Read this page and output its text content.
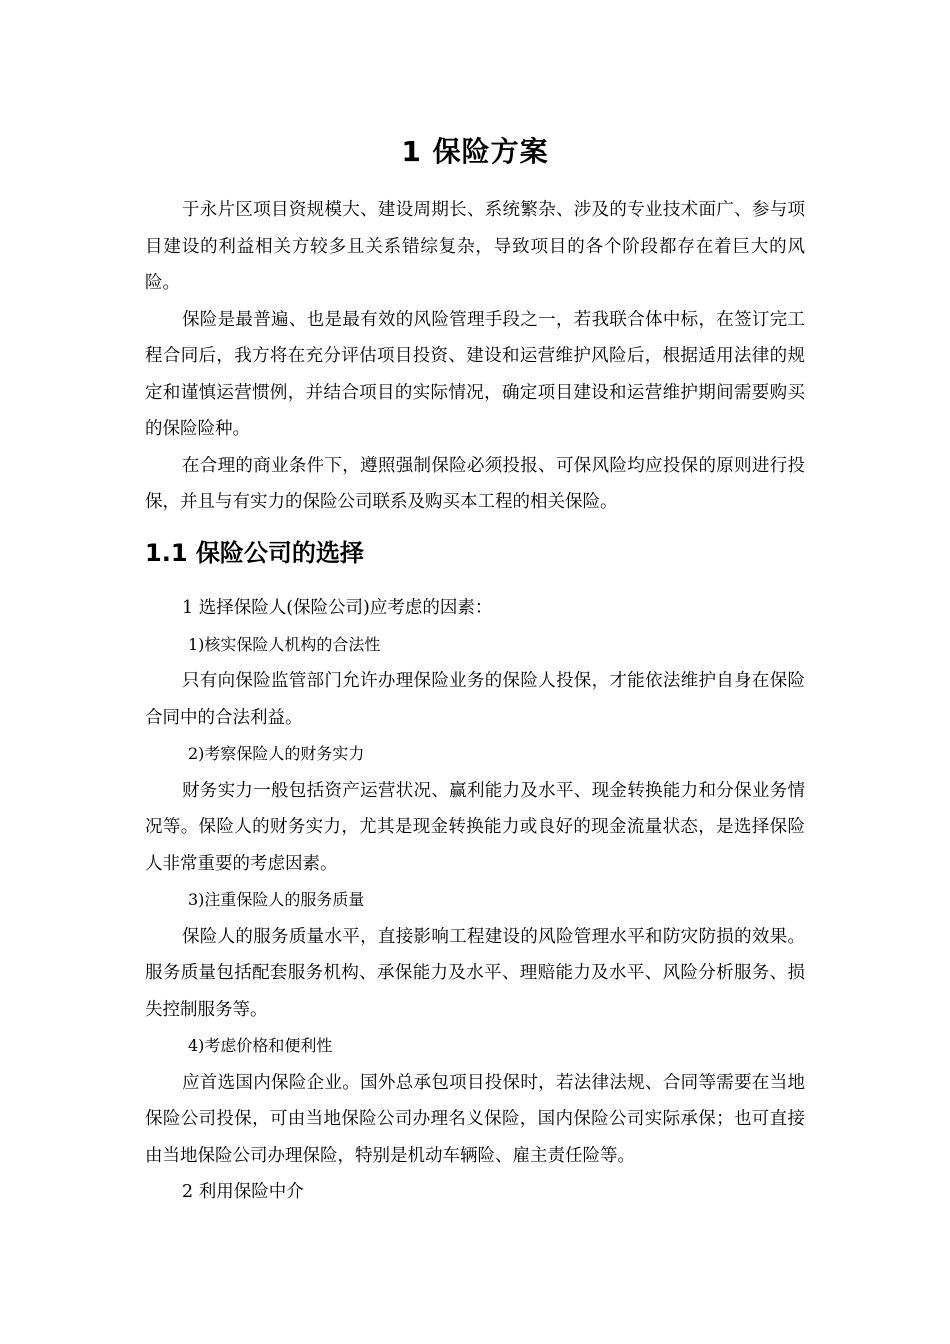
1 保险方案

于永片区项目资规模大、建设周期长、系统繁杂、涉及的专业技术面广、参与项目建设的利益相关方较多且关系错综复杂，导致项目的各个阶段都存在着巨大的风险。

保险是最普遍、也是最有效的风险管理手段之一，若我联合体中标，在签订完工程合同后，我方将在充分评估项目投资、建设和运营维护风险后，根据适用法律的规定和谨慎运营惯例，并结合项目的实际情况，确定项目建设和运营维护期间需要购买的保险险种。

在合理的商业条件下，遵照强制保险必须投报、可保风险均应投保的原则进行投保，并且与有实力的保险公司联系及购买本工程的相关保险。

1.1 保险公司的选择

1 选择保险人(保险公司)应考虑的因素：

1)核实保险人机构的合法性

只有向保险监管部门允许办理保险业务的保险人投保，才能依法维护自身在保险合同中的合法利益。

2)考察保险人的财务实力

财务实力一般包括资产运营状况、赢利能力及水平、现金转换能力和分保业务情况等。保险人的财务实力，尤其是现金转换能力或良好的现金流量状态，是选择保险人非常重要的考虑因素。

3)注重保险人的服务质量

保险人的服务质量水平，直接影响工程建设的风险管理水平和防灾防损的效果。服务质量包括配套服务机构、承保能力及水平、理赔能力及水平、风险分析服务、损失控制服务等。

4)考虑价格和便利性

应首选国内保险企业。国外总承包项目投保时，若法律法规、合同等需要在当地保险公司投保，可由当地保险公司办理名义保险，国内保险公司实际承保；也可直接由当地保险公司办理保险，特别是机动车辆险、雇主责任险等。

2 利用保险中介
